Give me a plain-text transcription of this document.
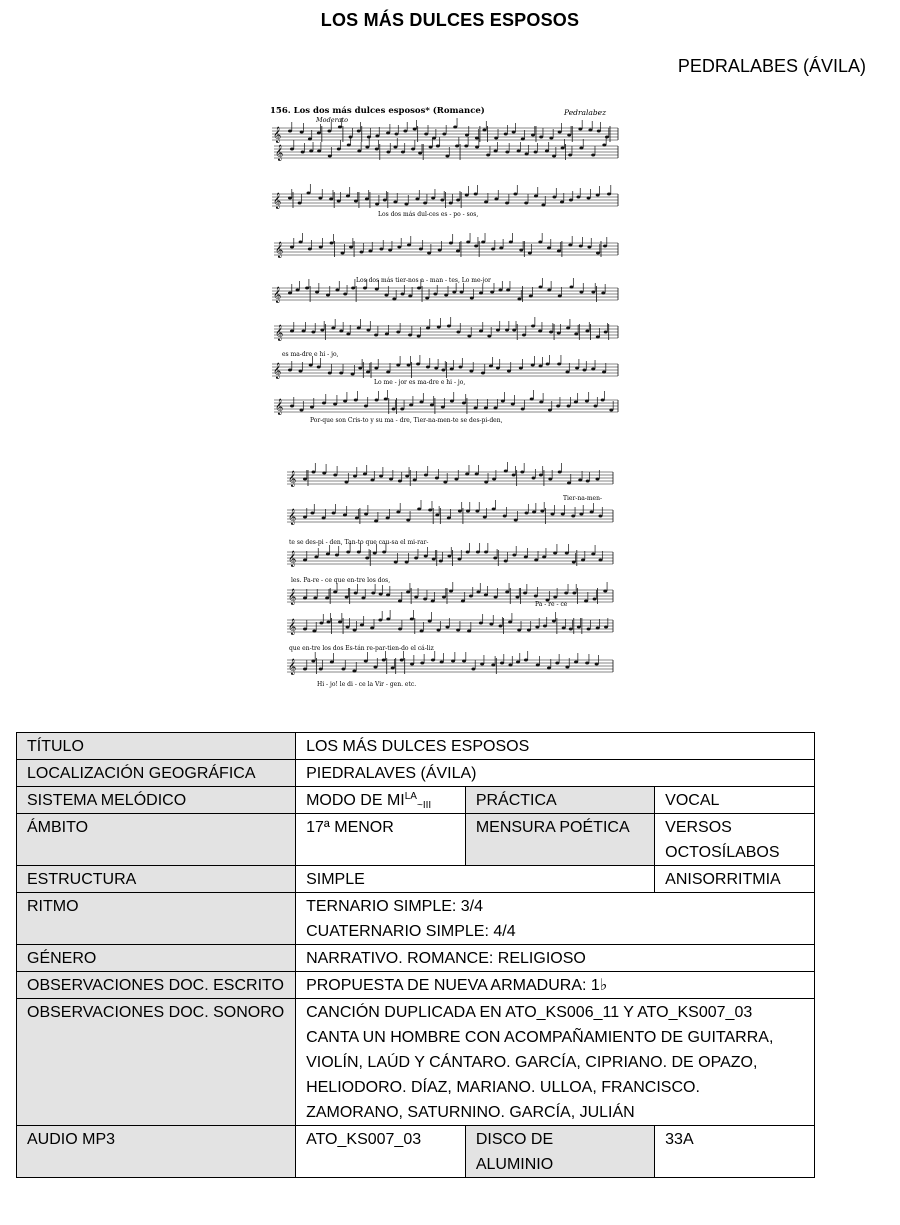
LOS MÁS DULCES ESPOSOS
PEDRALABES (ÁVILA)
156. Los dos más dulces esposos* (Romance)	Pedralabez
Moderato
𝄞
𝄞
𝄞
𝄞
𝄞
𝄞
𝄞
𝄞
Los dos más dul-ces es - po - sos,
Los dos más tier-nos a - man - tes, Lo me-jor
es ma-dre e hi - jo,
Lo me - jor es ma-dre e hi - jo,
Por-que son Cris-to y su ma - dre, Tier-na-men-te se des-pi-den,
𝄞
𝄞
𝄞
𝄞
𝄞
𝄞
Tier-na-men-
te se des-pi - den, Tan-to que cau-sa el mi-rar-
les. Pa-re - ce que en-tre los dos,
Pa - re - ce
que en-tre los dos Es-tán re-par-tien-do el cá-liz
Hi - jo! le di - ce la Vir - gen. etc.
TÍTULO	LOS MÁS DULCES ESPOSOS		
LOCALIZACIÓN GEOGRÁFICA	PIEDRALAVES (ÁVILA)		
SISTEMA MELÓDICO	MODO DE $MI^{LA}_{\sim III}$	PRÁCTICA	VOCAL
ÁMBITO	17ª MENOR	MENSURA POÉTICA	VERSOS
OCTOSÍLABOS

ESTRUCTURA	SIMPLE		ANISORRITMIA
RITMO	TERNARIO SIMPLE: 3/4
CUATERNARIO SIMPLE: 4/4		

GÉNERO	NARRATIVO. ROMANCE: RELIGIOSO		
OBSERVACIONES DOC. ESCRITO	PROPUESTA DE NUEVA ARMADURA: 1♭		
OBSERVACIONES DOC. SONORO	CANCIÓN DUPLICADA EN ATO_KS006_11 Y ATO_KS007_03
CANTA UN HOMBRE CON ACOMPAÑAMIENTO DE GUITARRA,
VIOLÍN, LAÚD Y CÁNTARO. GARCÍA, CIPRIANO. DE OPAZO,
HELIODORO. DÍAZ, MARIANO. ULLOA, FRANCISCO.
ZAMORANO, SATURNINO. GARCÍA, JULIÁN		

AUDIO MP3	ATO_KS007_03	DISCO DE
ALUMINIO	33A
